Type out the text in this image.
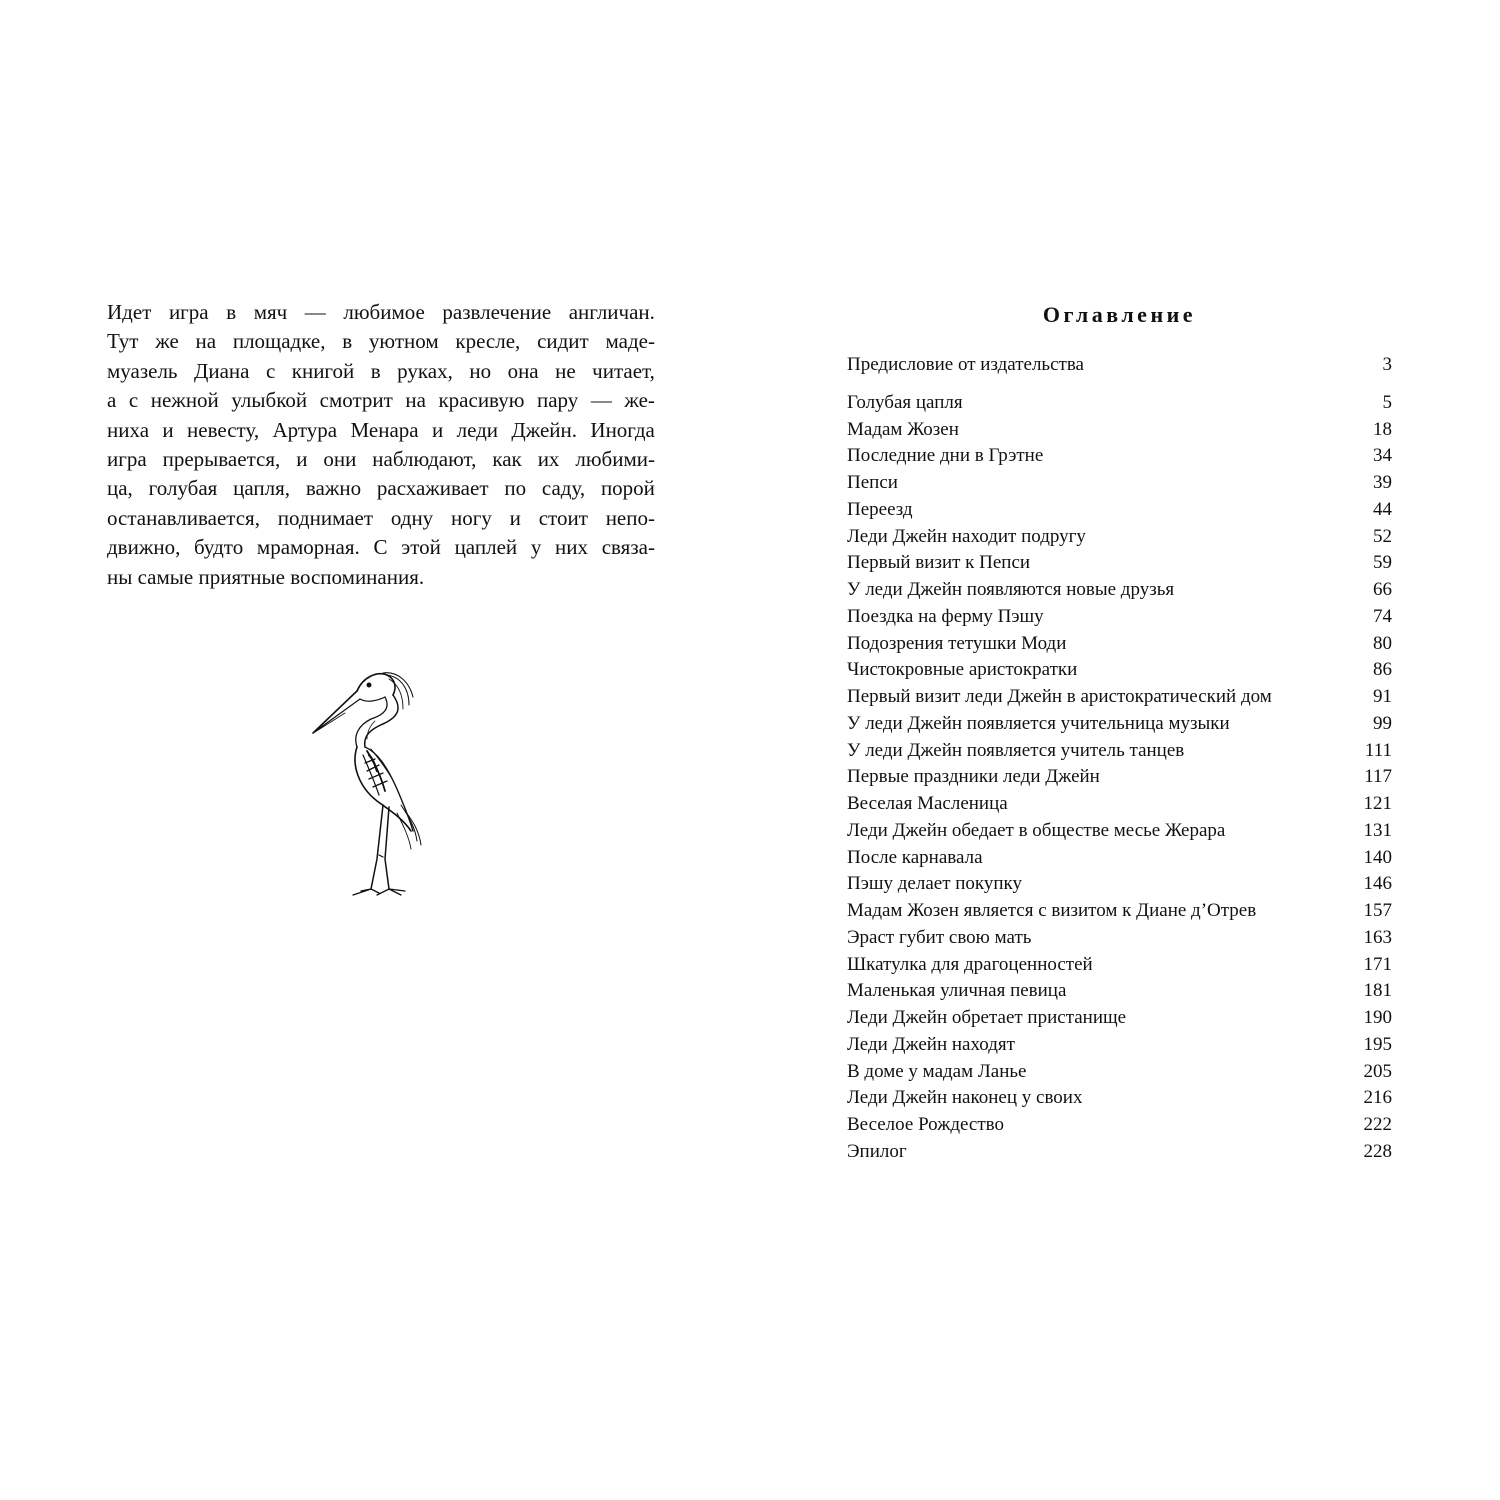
Идет игра в мяч — любимое развлечение англичан.
Тут же на площадке, в уютном кресле, сидит маде-
муазель Диана с книгой в руках, но она не читает,
а с нежной улыбкой смотрит на красивую пару — же-
ниха и невесту, Артура Менара и леди Джейн. Иногда
игра прерывается, и они наблюдают, как их любими-
ца, голубая цапля, важно расхаживает по саду, порой
останавливается, поднимает одну ногу и стоит непо-
движно, будто мраморная. С этой цаплей у них связа-
ны самые приятные воспоминания.
Оглавление
Предисловие от издательства	3
Голубая цапля	5
Мадам Жозен	18
Последние дни в Грэтне	34
Пепси	39
Переезд	44
Леди Джейн находит подругу	52
Первый визит к Пепси	59
У леди Джейн появляются новые друзья	66
Поездка на ферму Пэшу	74
Подозрения тетушки Моди	80
Чистокровные аристократки	86
Первый визит леди Джейн в аристократический дом	91
У леди Джейн появляется учительница музыки	99
У леди Джейн появляется учитель танцев	111
Первые праздники леди Джейн	117
Веселая Масленица	121
Леди Джейн обедает в обществе месье Жерара	131
После карнавала	140
Пэшу делает покупку	146
Мадам Жозен является с визитом к Диане д’Отрев	157
Эраст губит свою мать	163
Шкатулка для драгоценностей	171
Маленькая уличная певица	181
Леди Джейн обретает пристанище	190
Леди Джейн находят	195
В доме у мадам Ланье	205
Леди Джейн наконец у своих	216
Веселое Рождество	222
Эпилог	228
